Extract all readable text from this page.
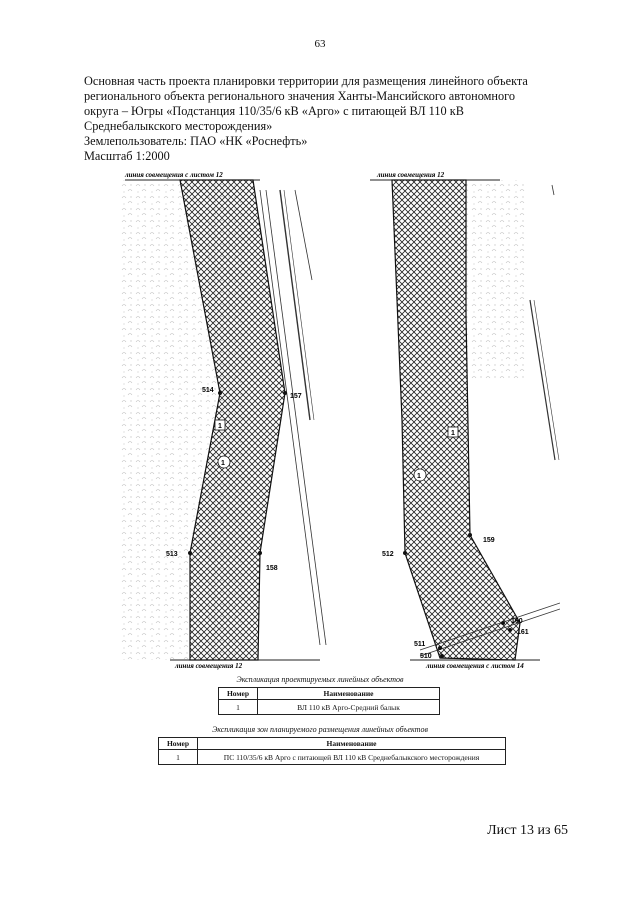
63
Основная часть проекта планировки территории для размещения линейного объекта
регионального объекта регионального значения Ханты-Мансийского автономного
округа – Югры «Подстанция 110/35/6 кВ «Арго» с питающей ВЛ 110 кВ
Среднебалыкского месторождения»
Землепользователь: ПАО «НК «Роснефть»
Масштаб 1:2000
514
157
513
158
1
1
линия совмещения с листом 12
линия совмещения 12
512
159
160
161
511
510
1
1
линия совмещения 12
линия совмещения с листом 14
Экспликация проектируемых линейных объектов
Номер	Наименование
1	ВЛ 110 кВ Арго-Средний балык
Экспликация зон планируемого размещения линейных объектов
Номер	Наименование
1	ПС 110/35/6 кВ Арго с питающей ВЛ 110 кВ Среднебалыкского месторождения
Лист 13 из 65
